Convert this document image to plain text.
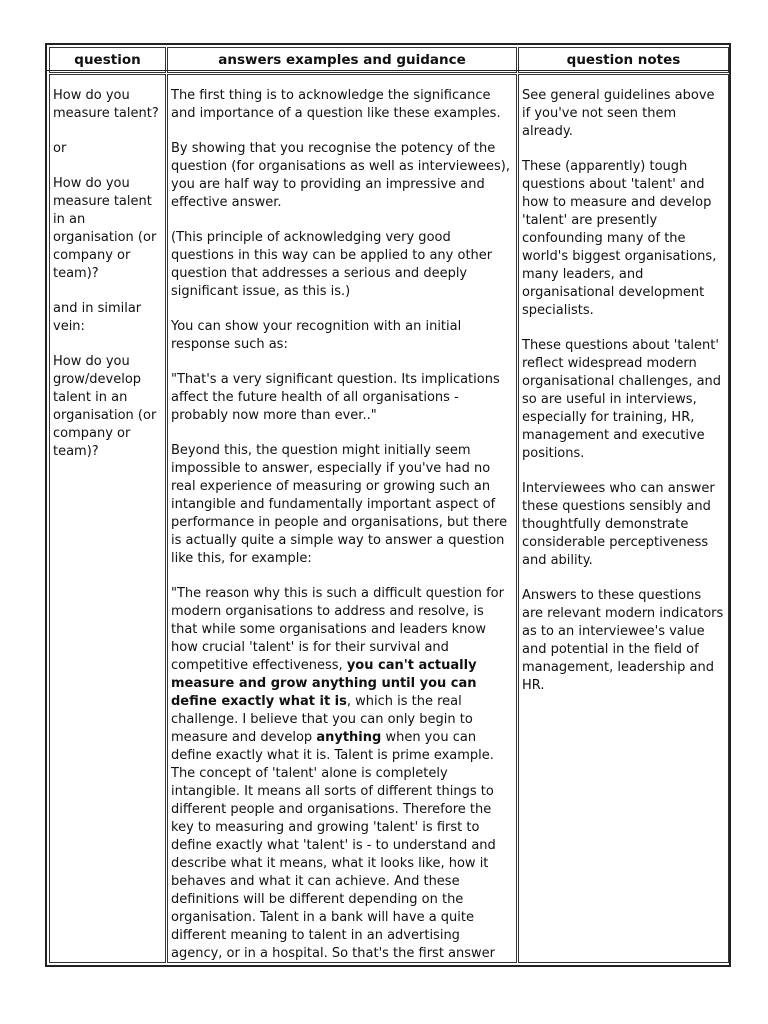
question	answers examples and guidance	question notes

How do you measure talent?

or

How do you measure talent in an organisation (or company or team)?

and in similar vein:

How do you grow/develop talent in an organisation (or company or team)?

The first thing is to acknowledge the significance and importance of a question like these examples.

By showing that you recognise the potency of the question (for organisations as well as interviewees), you are half way to providing an impressive and effective answer.

(This principle of acknowledging very good questions in this way can be applied to any other question that addresses a serious and deeply significant issue, as this is.)

You can show your recognition with an initial response such as:

"That's a very significant question. Its implications affect the future health of all organisations - probably now more than ever.."

Beyond this, the question might initially seem impossible to answer, especially if you've had no real experience of measuring or growing such an intangible and fundamentally important aspect of performance in people and organisations, but there is actually quite a simple way to answer a question like this, for example:

"The reason why this is such a difficult question for modern organisations to address and resolve, is that while some organisations and leaders know how crucial 'talent' is for their survival and competitive effectiveness, you can't actually measure and grow anything until you can define exactly what it is, which is the real challenge. I believe that you can only begin to measure and develop anything when you can define exactly what it is. Talent is prime example. The concept of 'talent' alone is completely intangible. It means all sorts of different things to different people and organisations. Therefore the key to measuring and growing 'talent' is first to define exactly what 'talent' is - to understand and describe what it means, what it looks like, how it behaves and what it can achieve. And these definitions will be different depending on the organisation. Talent in a bank will have a quite different meaning to talent in an advertising agency, or in a hospital. So that's the first answer

See general guidelines above if you've not seen them already.

These (apparently) tough questions about 'talent' and how to measure and develop 'talent' are presently confounding many of the world's biggest organisations, many leaders, and organisational development specialists.

These questions about 'talent' reflect widespread modern organisational challenges, and so are useful in interviews, especially for training, HR, management and executive positions.

Interviewees who can answer these questions sensibly and thoughtfully demonstrate considerable perceptiveness and ability.

Answers to these questions are relevant modern indicators as to an interviewee's value and potential in the field of management, leadership and HR.
